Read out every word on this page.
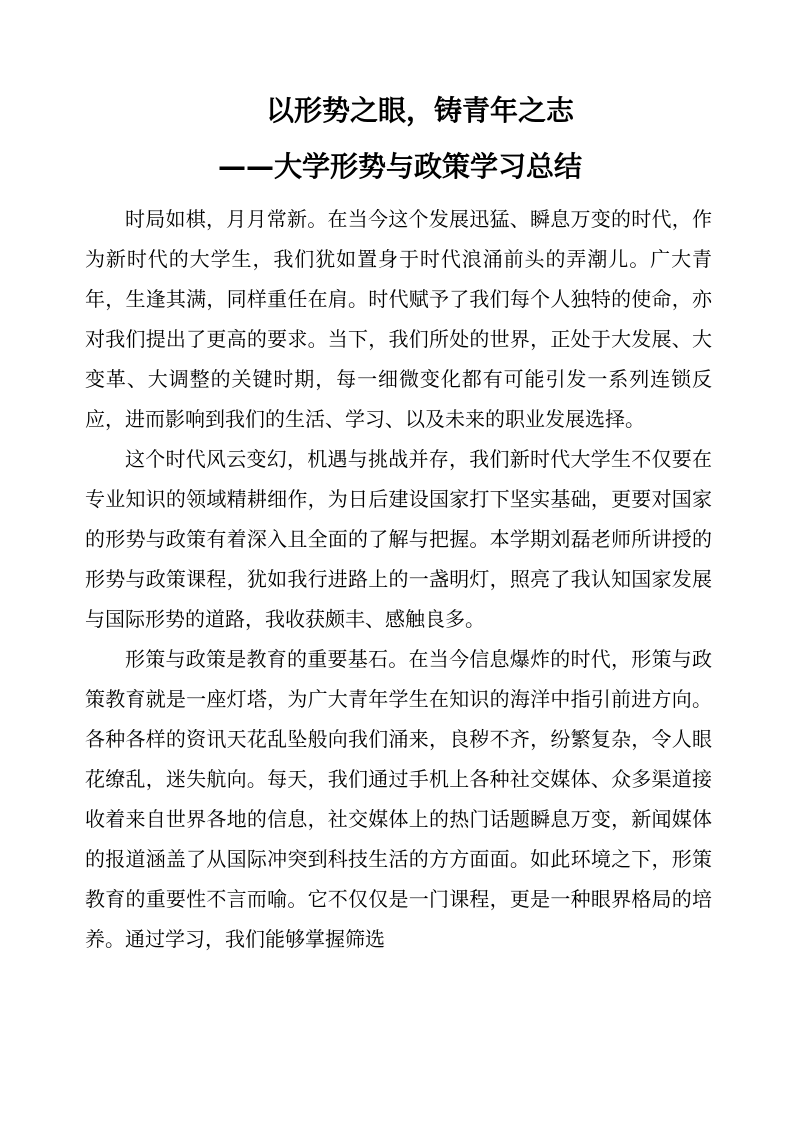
以形势之眼，铸青年之志
——大学形势与政策学习总结

时局如棋，月月常新。在当今这个发展迅猛、瞬息万变的时代，作为新时代的大学生，我们犹如置身于时代浪涌前头的弄潮儿。广大青年，生逢其满，同样重任在肩。时代赋予了我们每个人独特的使命，亦对我们提出了更高的要求。当下，我们所处的世界，正处于大发展、大变革、大调整的关键时期，每一细微变化都有可能引发一系列连锁反应，进而影响到我们的生活、学习、以及未来的职业发展选择。

这个时代风云变幻，机遇与挑战并存，我们新时代大学生不仅要在专业知识的领域精耕细作，为日后建设国家打下坚实基础，更要对国家的形势与政策有着深入且全面的了解与把握。本学期刘磊老师所讲授的形势与政策课程，犹如我行进路上的一盏明灯，照亮了我认知国家发展与国际形势的道路，我收获颇丰、感触良多。

形策与政策是教育的重要基石。在当今信息爆炸的时代，形策与政策教育就是一座灯塔，为广大青年学生在知识的海洋中指引前进方向。各种各样的资讯天花乱坠般向我们涌来，良秽不齐，纷繁复杂，令人眼花缭乱，迷失航向。每天，我们通过手机上各种社交媒体、众多渠道接收着来自世界各地的信息，社交媒体上的热门话题瞬息万变，新闻媒体的报道涵盖了从国际冲突到科技生活的方方面面。如此环境之下，形策教育的重要性不言而喻。它不仅仅是一门课程，更是一种眼界格局的培养。通过学习，我们能够掌握筛选
